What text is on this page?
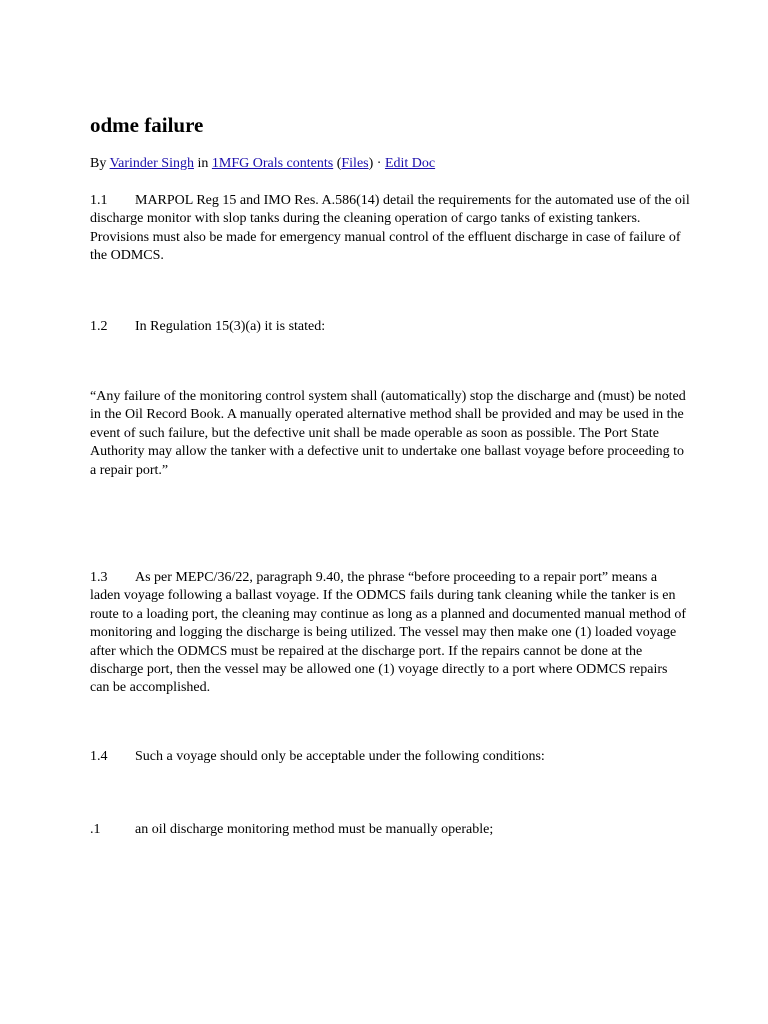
odme failure
By Varinder Singh in 1MFG Orals contents (Files) · Edit Doc
1.1 MARPOL Reg 15 and IMO Res. A.586(14) detail the requirements for the automated use of the oil discharge monitor with slop tanks during the cleaning operation of cargo tanks of existing tankers. Provisions must also be made for emergency manual control of the effluent discharge in case of failure of the ODMCS.
1.2 In Regulation 15(3)(a) it is stated:
“Any failure of the monitoring control system shall (automatically) stop the discharge and (must) be noted in the Oil Record Book. A manually operated alternative method shall be provided and may be used in the event of such failure, but the defective unit shall be made operable as soon as possible. The Port State Authority may allow the tanker with a defective unit to undertake one ballast voyage before proceeding to a repair port.”
1.3 As per MEPC/36/22, paragraph 9.40, the phrase “before proceeding to a repair port” means a laden voyage following a ballast voyage. If the ODMCS fails during tank cleaning while the tanker is en route to a loading port, the cleaning may continue as long as a planned and documented manual method of monitoring and logging the discharge is being utilized. The vessel may then make one (1) loaded voyage after which the ODMCS must be repaired at the discharge port. If the repairs cannot be done at the discharge port, then the vessel may be allowed one (1) voyage directly to a port where ODMCS repairs can be accomplished.
1.4 Such a voyage should only be acceptable under the following conditions:
.1 an oil discharge monitoring method must be manually operable;
